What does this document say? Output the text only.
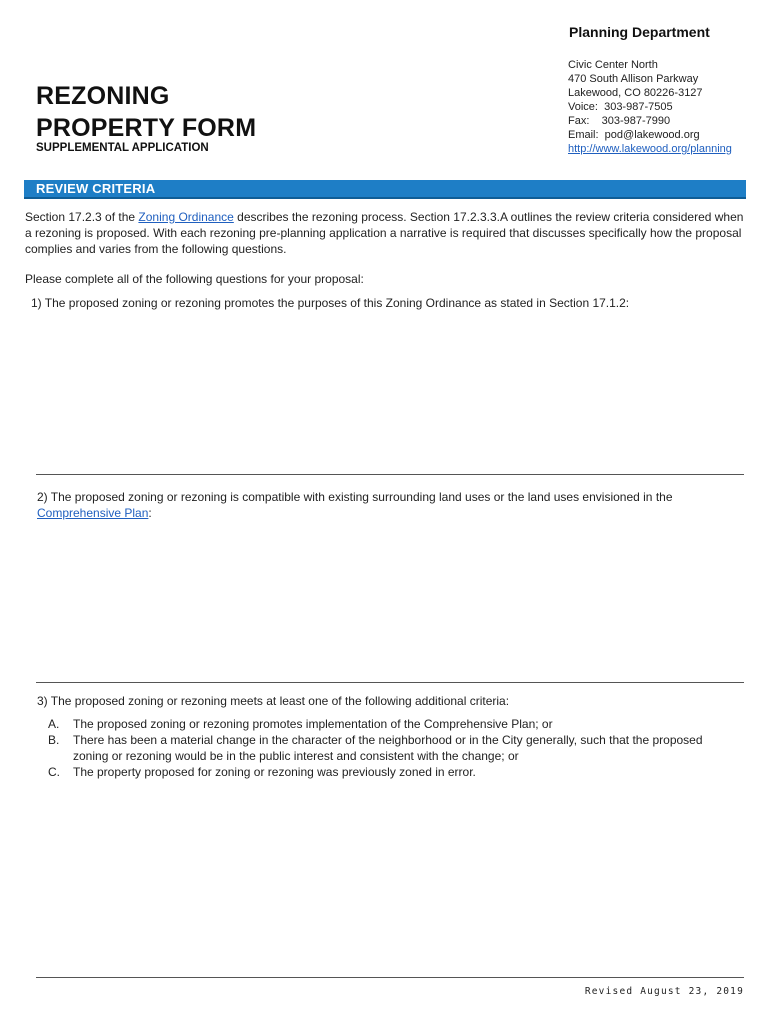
Planning Department
Civic Center North
470 South Allison Parkway
Lakewood, CO 80226-3127
Voice:  303-987-7505
Fax:    303-987-7990
Email:  pod@lakewood.org
http://www.lakewood.org/planning
REZONING
PROPERTY FORM
SUPPLEMENTAL APPLICATION
REVIEW CRITERIA
Section 17.2.3 of the Zoning Ordinance describes the rezoning process. Section 17.2.3.3.A outlines the review criteria considered when a rezoning is proposed. With each rezoning pre-planning application a narrative is required that discusses specifically how the proposal complies and varies from the following questions.
Please complete all of the following questions for your proposal:
1) The proposed zoning or rezoning promotes the purposes of this Zoning Ordinance as stated in Section 17.1.2:
2) The proposed zoning or rezoning is compatible with existing surrounding land uses or the land uses envisioned in the Comprehensive Plan:
3) The proposed zoning or rezoning meets at least one of the following additional criteria:
A.	The proposed zoning or rezoning promotes implementation of the Comprehensive Plan; or
B.	There has been a material change in the character of the neighborhood or in the City generally, such that the proposed zoning or rezoning would be in the public interest and consistent with the change; or
C.	The property proposed for zoning or rezoning was previously zoned in error.
Revised August 23, 2019
